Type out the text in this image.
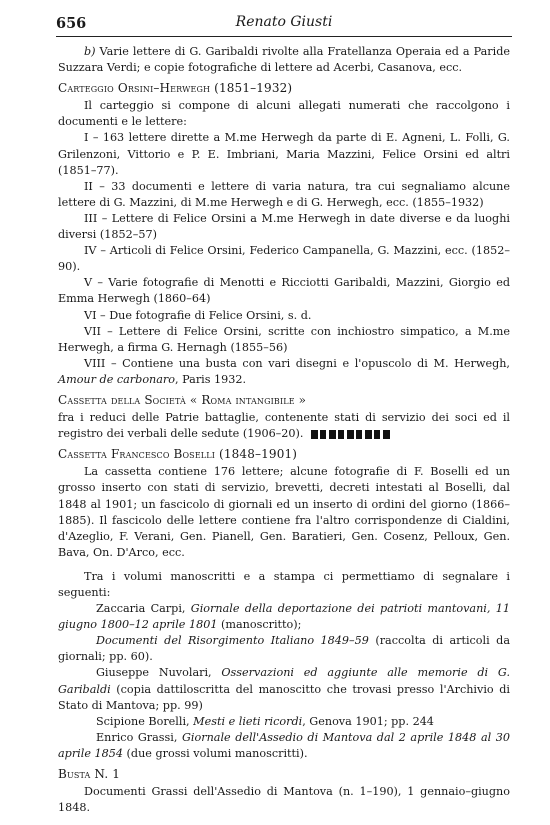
656	Renato Giusti

b) Varie lettere di G. Garibaldi rivolte alla Fratellanza Operaia ed a Paride Suzzara Verdi; e copie fotografiche di lettere ad Acerbi, Casanova, ecc.

Carteggio Orsini–Herwegh (1851–1932)

Il carteggio si compone di alcuni allegati numerati che raccolgono i documenti e le lettere:

I – 163 lettere dirette a M.me Herwegh da parte di E. Agneni, L. Folli, G. Grilenzoni, Vittorio e P. E. Imbriani, Maria Mazzini, Felice Orsini ed altri (1851–77).

II – 33 documenti e lettere di varia natura, tra cui segnaliamo alcune lettere di G. Mazzini, di M.me Herwegh e di G. Herwegh, ecc. (1855–1932)

III – Lettere di Felice Orsini a M.me Herwegh in date diverse e da luoghi diversi (1852–57)

IV – Articoli di Felice Orsini, Federico Campanella, G. Mazzini, ecc. (1852–90).

V – Varie fotografie di Menotti e Ricciotti Garibaldi, Mazzini, Giorgio ed Emma Herwegh (1860–64)

VI – Due fotografie di Felice Orsini, s. d.

VII – Lettere di Felice Orsini, scritte con inchiostro simpatico, a M.me Herwegh, a firma G. Hernagh (1855–56)

VIII – Contiene una busta con vari disegni e l'opuscolo di M. Herwegh, Amour de carbonaro, Paris 1932.

Cassetta della Società « Roma intangibile »

fra i reduci delle Patrie battaglie, contenente stati di servizio dei soci ed il registro dei verbali delle sedute (1906–20).

Cassetta Francesco Boselli (1848–1901)

La cassetta contiene 176 lettere; alcune fotografie di F. Boselli ed un grosso inserto con stati di servizio, brevetti, decreti intestati al Boselli, dal 1848 al 1901; un fascicolo di giornali ed un inserto di ordini del giorno (1866–1885). Il fascicolo delle lettere contiene fra l'altro corrispondenze di Cialdini, d'Azeglio, F. Verani, Gen. Pianell, Gen. Baratieri, Gen. Cosenz, Pelloux, Gen. Bava, On. D'Arco, ecc.

Tra i volumi manoscritti e a stampa ci permettiamo di segnalare i seguenti:

Zaccaria Carpi, Giornale della deportazione dei patrioti mantovani, 11 giugno 1800–12 aprile 1801 (manoscritto);

Documenti del Risorgimento Italiano 1849–59 (raccolta di articoli da giornali; pp. 60).

Giuseppe Nuvolari, Osservazioni ed aggiunte alle memorie di G. Garibaldi (copia dattiloscritta del manoscitto che trovasi presso l'Archivio di Stato di Mantova; pp. 99)

Scipione Borelli, Mesti e lieti ricordi, Genova 1901; pp. 244

Enrico Grassi, Giornale dell'Assedio di Mantova dal 2 aprile 1848 al 30 aprile 1854 (due grossi volumi manoscritti).

Busta N. 1

Documenti Grassi dell'Assedio di Mantova (n. 1–190), 1 gennaio–giugno 1848.
